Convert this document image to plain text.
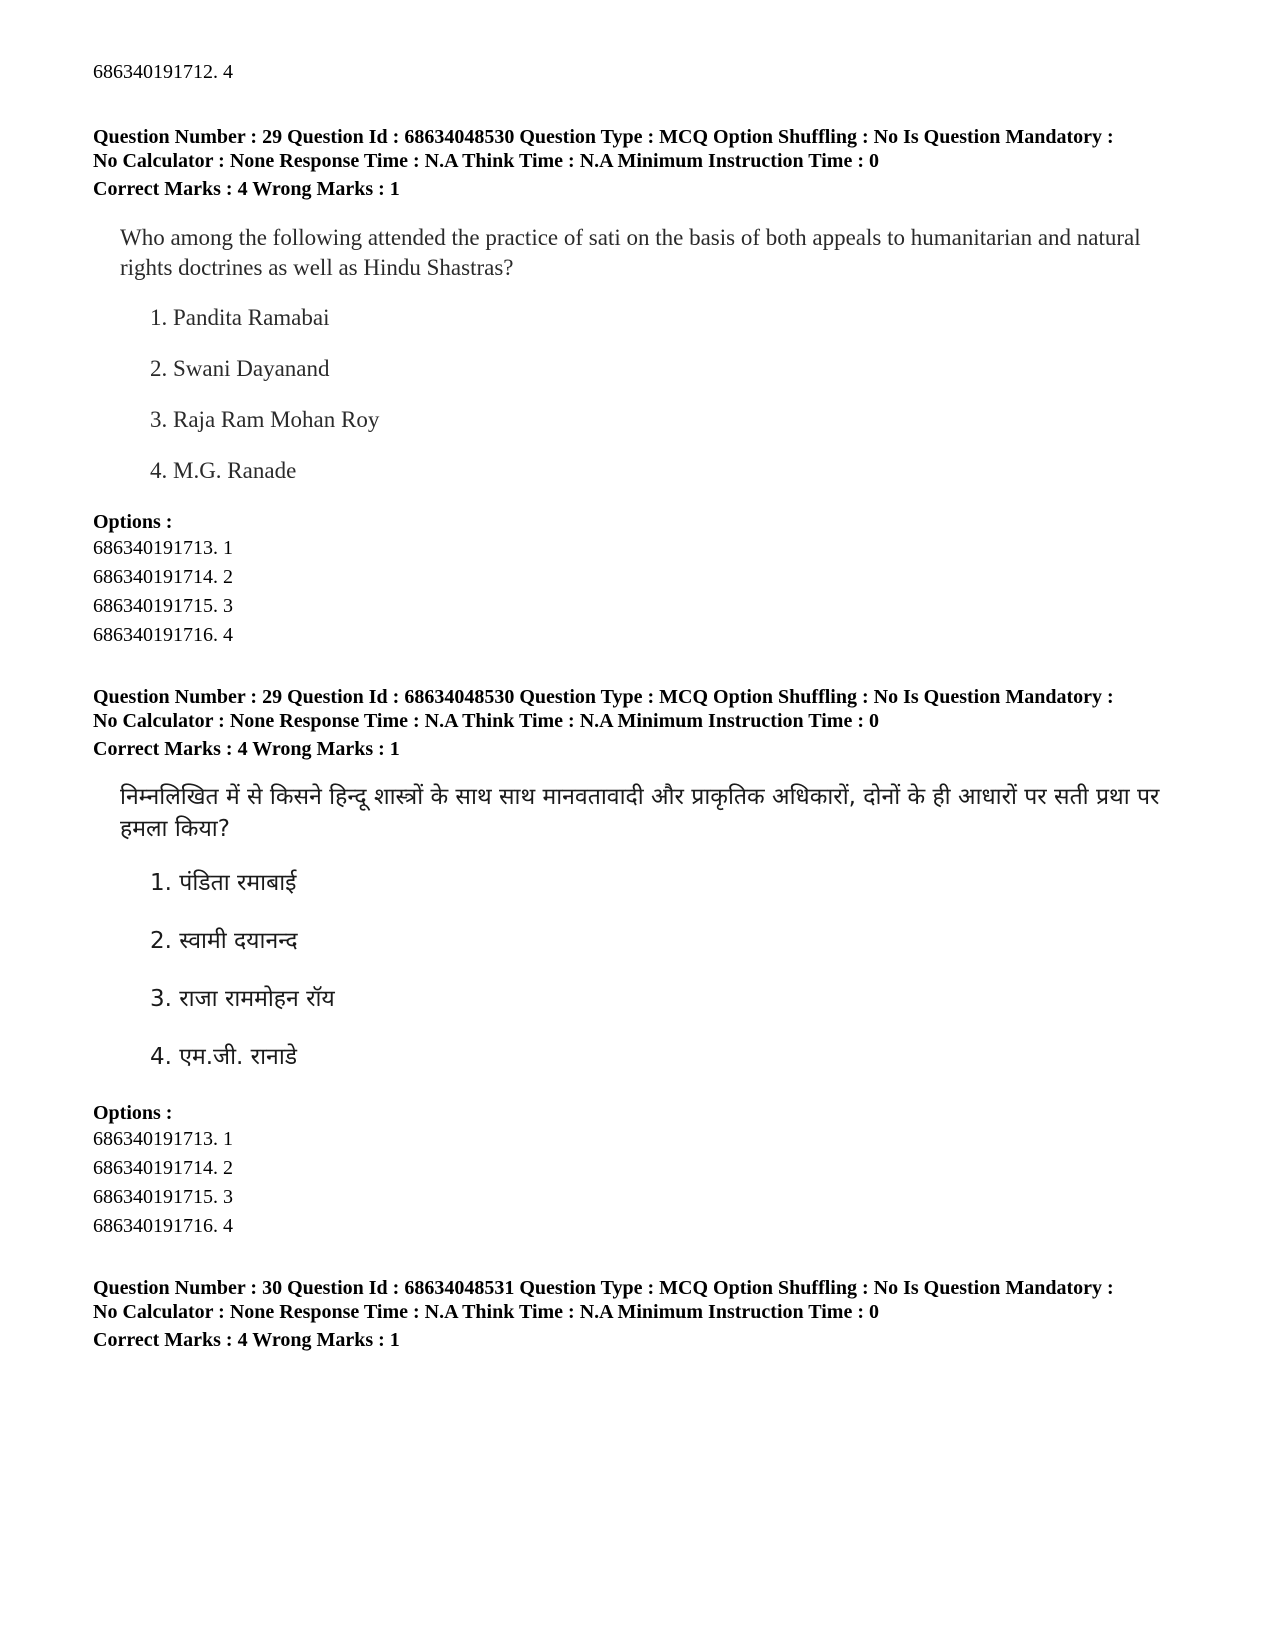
686340191712. 4
Question Number : 29 Question Id : 68634048530 Question Type : MCQ Option Shuffling : No Is Question Mandatory :
No Calculator : None Response Time : N.A Think Time : N.A Minimum Instruction Time : 0
Correct Marks : 4 Wrong Marks : 1
Who among the following attended the practice of sati on the basis of both appeals to humanitarian and natural rights doctrines as well as Hindu Shastras?
1. Pandita Ramabai
2. Swani Dayanand
3. Raja Ram Mohan Roy
4. M.G. Ranade
Options :
686340191713. 1
686340191714. 2
686340191715. 3
686340191716. 4
Question Number : 29 Question Id : 68634048530 Question Type : MCQ Option Shuffling : No Is Question Mandatory :
No Calculator : None Response Time : N.A Think Time : N.A Minimum Instruction Time : 0
Correct Marks : 4 Wrong Marks : 1
निम्नलिखित में से किसने हिन्दू शास्त्रों के साथ साथ मानवतावादी और प्राकृतिक अधिकारों, दोनों के ही आधारों पर सती प्रथा पर हमला किया?
1. पंडिता रमाबाई
2. स्वामी दयानन्द
3. राजा राममोहन रॉय
4. एम.जी. रानाडे
Options :
686340191713. 1
686340191714. 2
686340191715. 3
686340191716. 4
Question Number : 30 Question Id : 68634048531 Question Type : MCQ Option Shuffling : No Is Question Mandatory :
No Calculator : None Response Time : N.A Think Time : N.A Minimum Instruction Time : 0
Correct Marks : 4 Wrong Marks : 1
